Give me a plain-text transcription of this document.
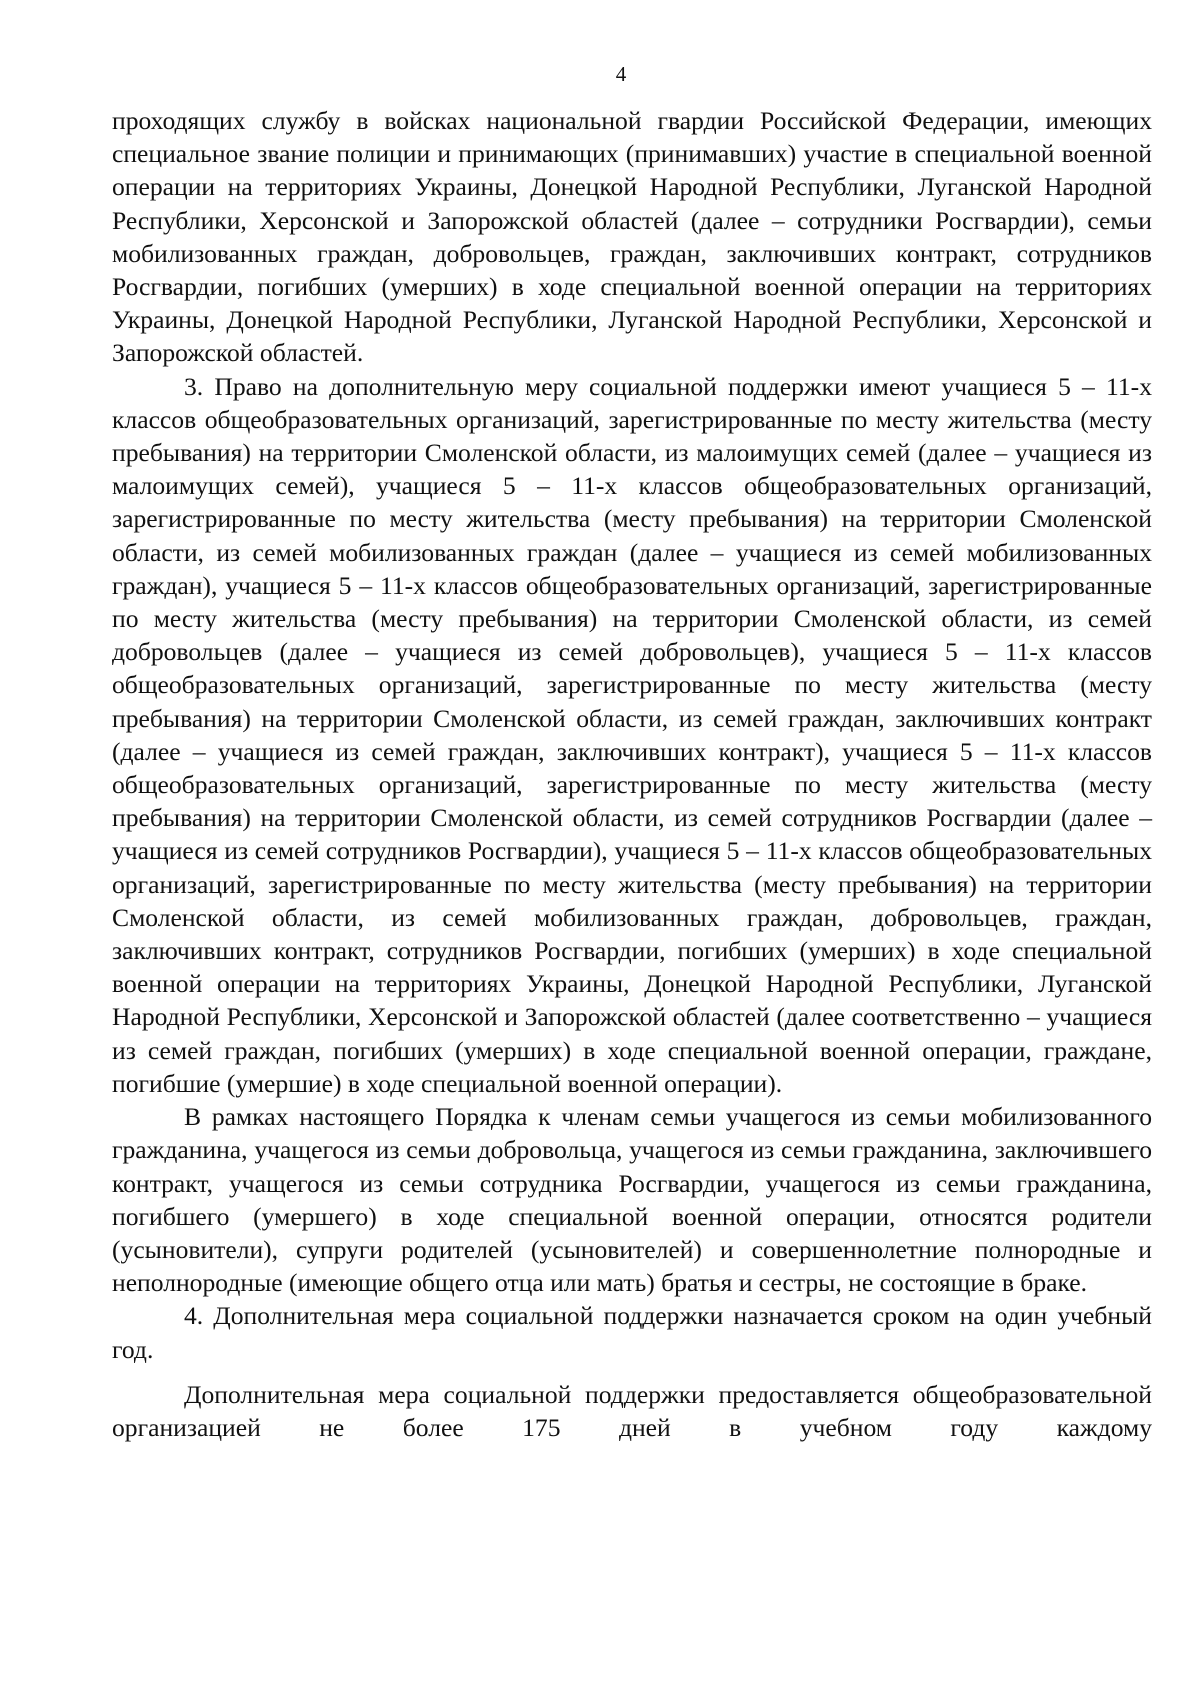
4

проходящих службу в войсках национальной гвардии Российской Федерации, имеющих специальное звание полиции и принимающих (принимавших) участие в специальной военной операции на территориях Украины, Донецкой Народной Республики, Луганской Народной Республики, Херсонской и Запорожской областей (далее – сотрудники Росгвардии), семьи мобилизованных граждан, добровольцев, граждан, заключивших контракт, сотрудников Росгвардии, погибших (умерших) в ходе специальной военной операции на территориях Украины, Донецкой Народной Республики, Луганской Народной Республики, Херсонской и Запорожской областей.

3. Право на дополнительную меру социальной поддержки имеют учащиеся 5 – 11-х классов общеобразовательных организаций, зарегистрированные по месту жительства (месту пребывания) на территории Смоленской области, из малоимущих семей (далее – учащиеся из малоимущих семей), учащиеся 5 – 11-х классов общеобразовательных организаций, зарегистрированные по месту жительства (месту пребывания) на территории Смоленской области, из семей мобилизованных граждан (далее – учащиеся из семей мобилизованных граждан), учащиеся 5 – 11-х классов общеобразовательных организаций, зарегистрированные по месту жительства (месту пребывания) на территории Смоленской области, из семей добровольцев (далее – учащиеся из семей добровольцев), учащиеся 5 – 11-х классов общеобразовательных организаций, зарегистрированные по месту жительства (месту пребывания) на территории Смоленской области, из семей граждан, заключивших контракт (далее – учащиеся из семей граждан, заключивших контракт), учащиеся 5 – 11-х классов общеобразовательных организаций, зарегистрированные по месту жительства (месту пребывания) на территории Смоленской области, из семей сотрудников Росгвардии (далее – учащиеся из семей сотрудников Росгвардии), учащиеся 5 – 11-х классов общеобразовательных организаций, зарегистрированные по месту жительства (месту пребывания) на территории Смоленской области, из семей мобилизованных граждан, добровольцев, граждан, заключивших контракт, сотрудников Росгвардии, погибших (умерших) в ходе специальной военной операции на территориях Украины, Донецкой Народной Республики, Луганской Народной Республики, Херсонской и Запорожской областей (далее соответственно – учащиеся из семей граждан, погибших (умерших) в ходе специальной военной операции, граждане, погибшие (умершие) в ходе специальной военной операции).

В рамках настоящего Порядка к членам семьи учащегося из семьи мобилизованного гражданина, учащегося из семьи добровольца, учащегося из семьи гражданина, заключившего контракт, учащегося из семьи сотрудника Росгвардии, учащегося из семьи гражданина, погибшего (умершего) в ходе специальной военной операции, относятся родители (усыновители), супруги родителей (усыновителей) и совершеннолетние полнородные и неполнородные (имеющие общего отца или мать) братья и сестры, не состоящие в браке.

4. Дополнительная мера социальной поддержки назначается сроком на один учебный год.

Дополнительная мера социальной поддержки предоставляется общеобразовательной организацией не более 175 дней в учебном году каждому
